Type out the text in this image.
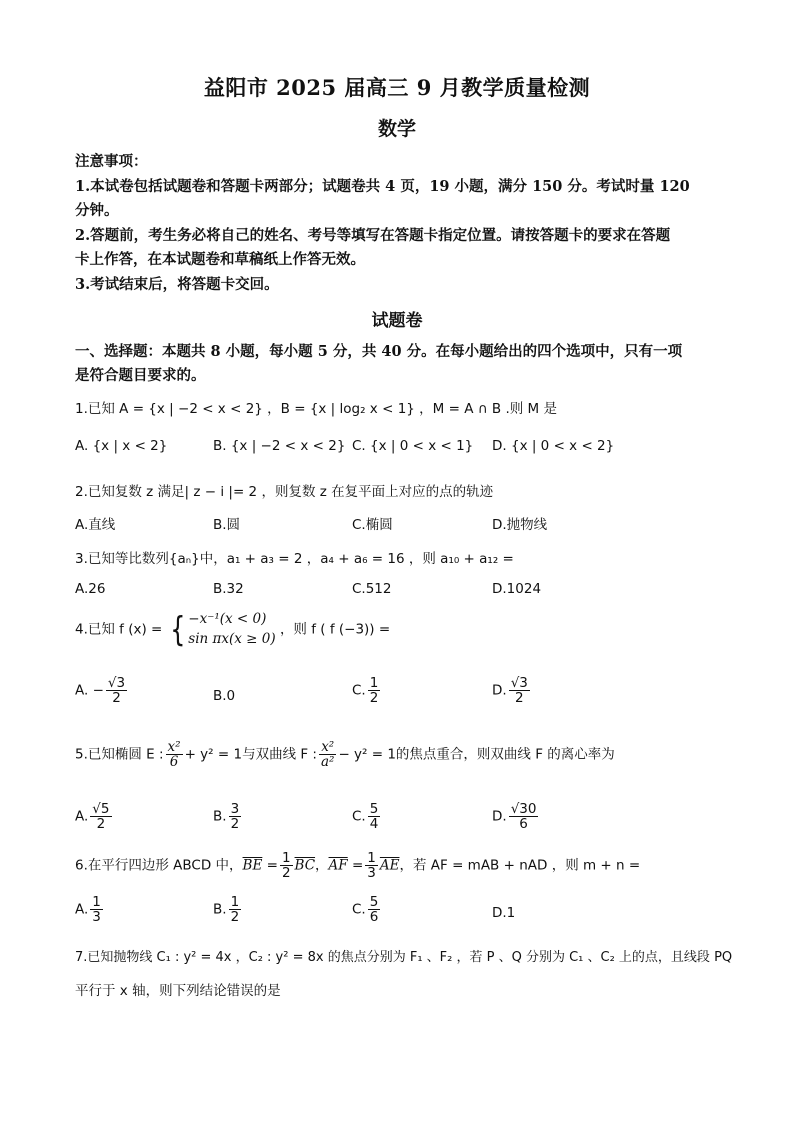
益阳市 2025 届高三 9 月教学质量检测
数学
注意事项：
1.本试卷包括试题卷和答题卡两部分；试题卷共 4 页，19 小题，满分 150 分。考试时量 120
分钟。
2.答题前，考生务必将自己的姓名、考号等填写在答题卡指定位置。请按答题卡的要求在答题
卡上作答，在本试题卷和草稿纸上作答无效。
3.考试结束后，将答题卡交回。
试题卷
一、选择题：本题共 8 小题，每小题 5 分，共 40 分。在每小题给出的四个选项中，只有一项
是符合题目要求的。
1.已知 A = {x | −2 < x < 2} ，B = {x | log₂ x < 1} ，M = A ∩ B .则 M 是
A. {x | x < 2}	B. {x | −2 < x < 2} C. {x | 0 < x < 1} D. {x | 0 < x < 2}
2.已知复数 z 满足| z − i |= 2 ，则复数 z 在复平面上对应的点的轨迹
A.直线	B.圆	C.椭圆	D.抛物线
3.已知等比数列{aₙ}中，a₁ + a₃ = 2 ，a₄ + a₆ = 16 ，则 a₁₀ + a₁₂ =
A.26	B.32	C.512	D.1024
4.已知 f (x) = { −x⁻¹(x < 0)
sin πx(x ≥ 0)
，则 f ( f (−3)) =
A. − $\frac{√3}{2}$	B.0	C. $\frac{1}{2}$	D. $\frac{√3}{2}$
5.已知椭圆 E : $\frac{\text{x²}}{6} + y^2 = 1$与双曲线 F : $\frac{\text{x²}}{\text{a²}} - y^2 = 1$的焦点重合，则双曲线 F 的离心率为
A. $\frac{√5}{2}$	B. $\frac{3}{2}$	C. $\frac{5}{4}$	D. $\frac{√30}{6}$
6.在平行四边形 ABCD 中，$\overline{BE} = \frac{1}{2} \overline{BC}$，$\overline{AF} = \frac{1}{3} \overline{AE}$，若 AF = mAB + nAD ，则 m + n =
A. $\frac{1}{3}$	B. $\frac{1}{2}$	C. $\frac{5}{6}$	D.1
7.已知抛物线 C₁ : y² = 4x ，C₂ : y² = 8x 的焦点分别为 F₁ 、F₂ ，若 P 、Q 分别为 C₁ 、C₂ 上的点，且线段 PQ
平行于 x 轴，则下列结论错误的是
